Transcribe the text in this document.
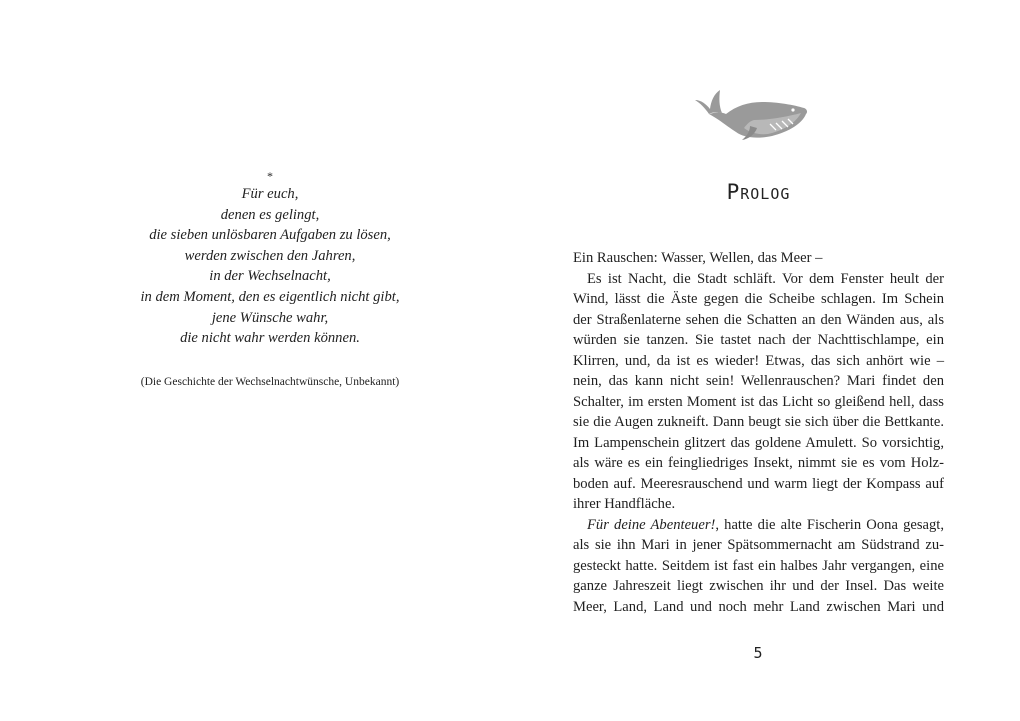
*
Für euch,
denen es gelingt,
die sieben unlösbaren Aufgaben zu lösen,
werden zwischen den Jahren,
in der Wechselnacht,
in dem Moment, den es eigentlich nicht gibt,
jene Wünsche wahr,
die nicht wahr werden können.
(Die Geschichte der Wechselnachtwünsche, Unbekannt)
Prolog
Ein Rauschen: Wasser, Wellen, das Meer –
Es ist Nacht, die Stadt schläft. Vor dem Fenster heult der
Wind, lässt die Äste gegen die Scheibe schlagen. Im Schein
der Straßenlaterne sehen die Schatten an den Wänden aus, als
würden sie tanzen. Sie tastet nach der Nachttischlampe, ein
Klirren, und, da ist es wieder! Etwas, das sich anhört wie –
nein, das kann nicht sein! Wellenrauschen? Mari findet den
Schalter, im ersten Moment ist das Licht so gleißend hell, dass
sie die Augen zukneift. Dann beugt sie sich über die Bettkante.
Im Lampenschein glitzert das goldene Amulett. So vorsichtig,
als wäre es ein feingliedriges Insekt, nimmt sie es vom Holz-
boden auf. Meeresrauschend und warm liegt der Kompass auf
ihrer Handfläche.
Für deine Abenteuer!, hatte die alte Fischerin Oona gesagt,
als sie ihn Mari in jener Spätsommernacht am Südstrand zu-
gesteckt hatte. Seitdem ist fast ein halbes Jahr vergangen, eine
ganze Jahreszeit liegt zwischen ihr und der Insel. Das weite
Meer, Land, Land und noch mehr Land zwischen Mari und
5
